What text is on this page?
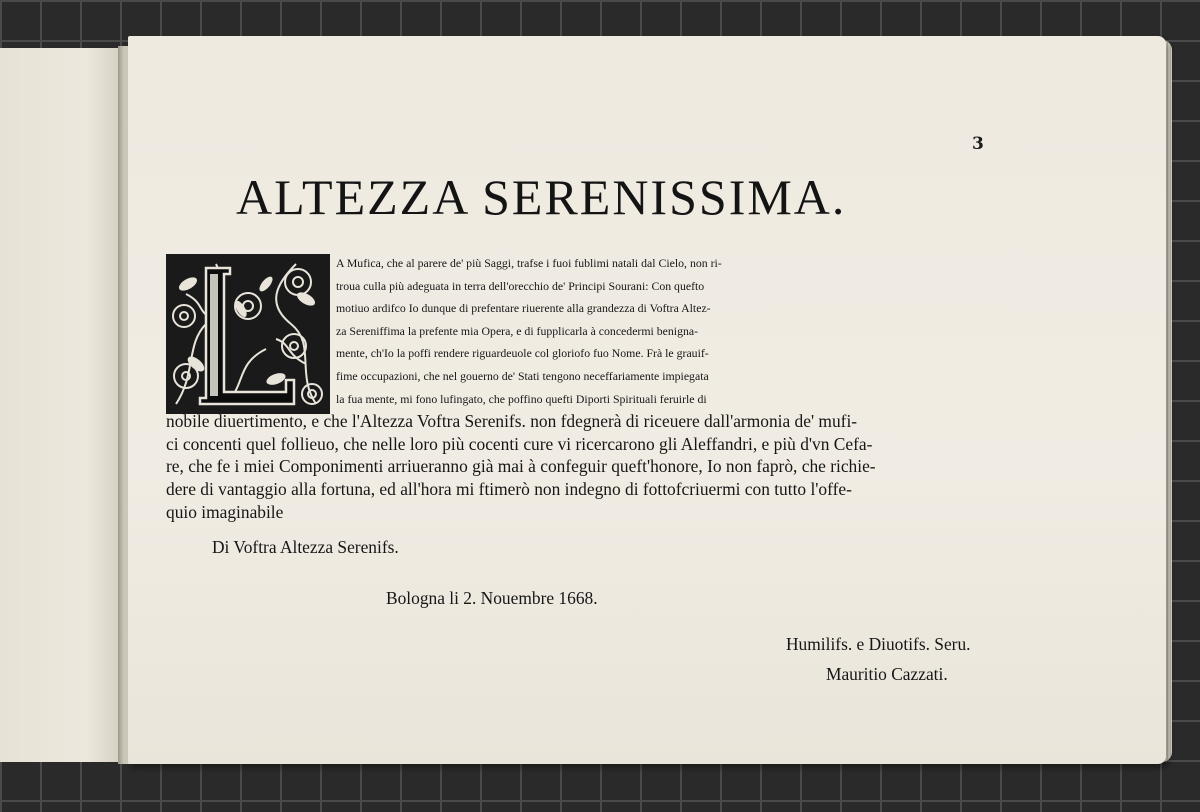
3
ALTEZZA SERENISSIMA.
A Mufica, che al parere de' più Saggi, trafse i fuoi fublimi natali dal Cielo, non ri-
troua culla più adeguata in terra dell'orecchio de' Principi Sourani: Con quefto
motiuo ardifco Io dunque di prefentare riuerente alla grandezza di Voftra Altez-
za Sereniffima la prefente mia Opera, e di fupplicarla à concedermi benigna-
mente, ch'Io la poffi rendere riguardeuole col gloriofo fuo Nome. Frà le grauif-
fime occupazioni, che nel gouerno de' Stati tengono neceffariamente impiegata
la fua mente, mi fono lufingato, che poffino quefti Diporti Spirituali feruirle di
nobile diuertimento, e che l'Altezza Voftra Serenifs. non fdegnerà di riceuere dall'armonia de' mufi-
ci concenti quel follieuo, che nelle loro più cocenti cure vi ricercarono gli Aleffandri, e più d'vn Cefa-
re, che fe i miei Componimenti arriueranno già mai à confeguir queft'honore, Io non faprò, che richie-
dere di vantaggio alla fortuna, ed all'hora mi ftimerò non indegno di fottofcriuermi con tutto l'offe-
quio imaginabile
Di Voftra Altezza Serenifs.
Bologna li 2. Nouembre 1668.
Humilifs. e Diuotifs. Seru.
Mauritio Cazzati.
